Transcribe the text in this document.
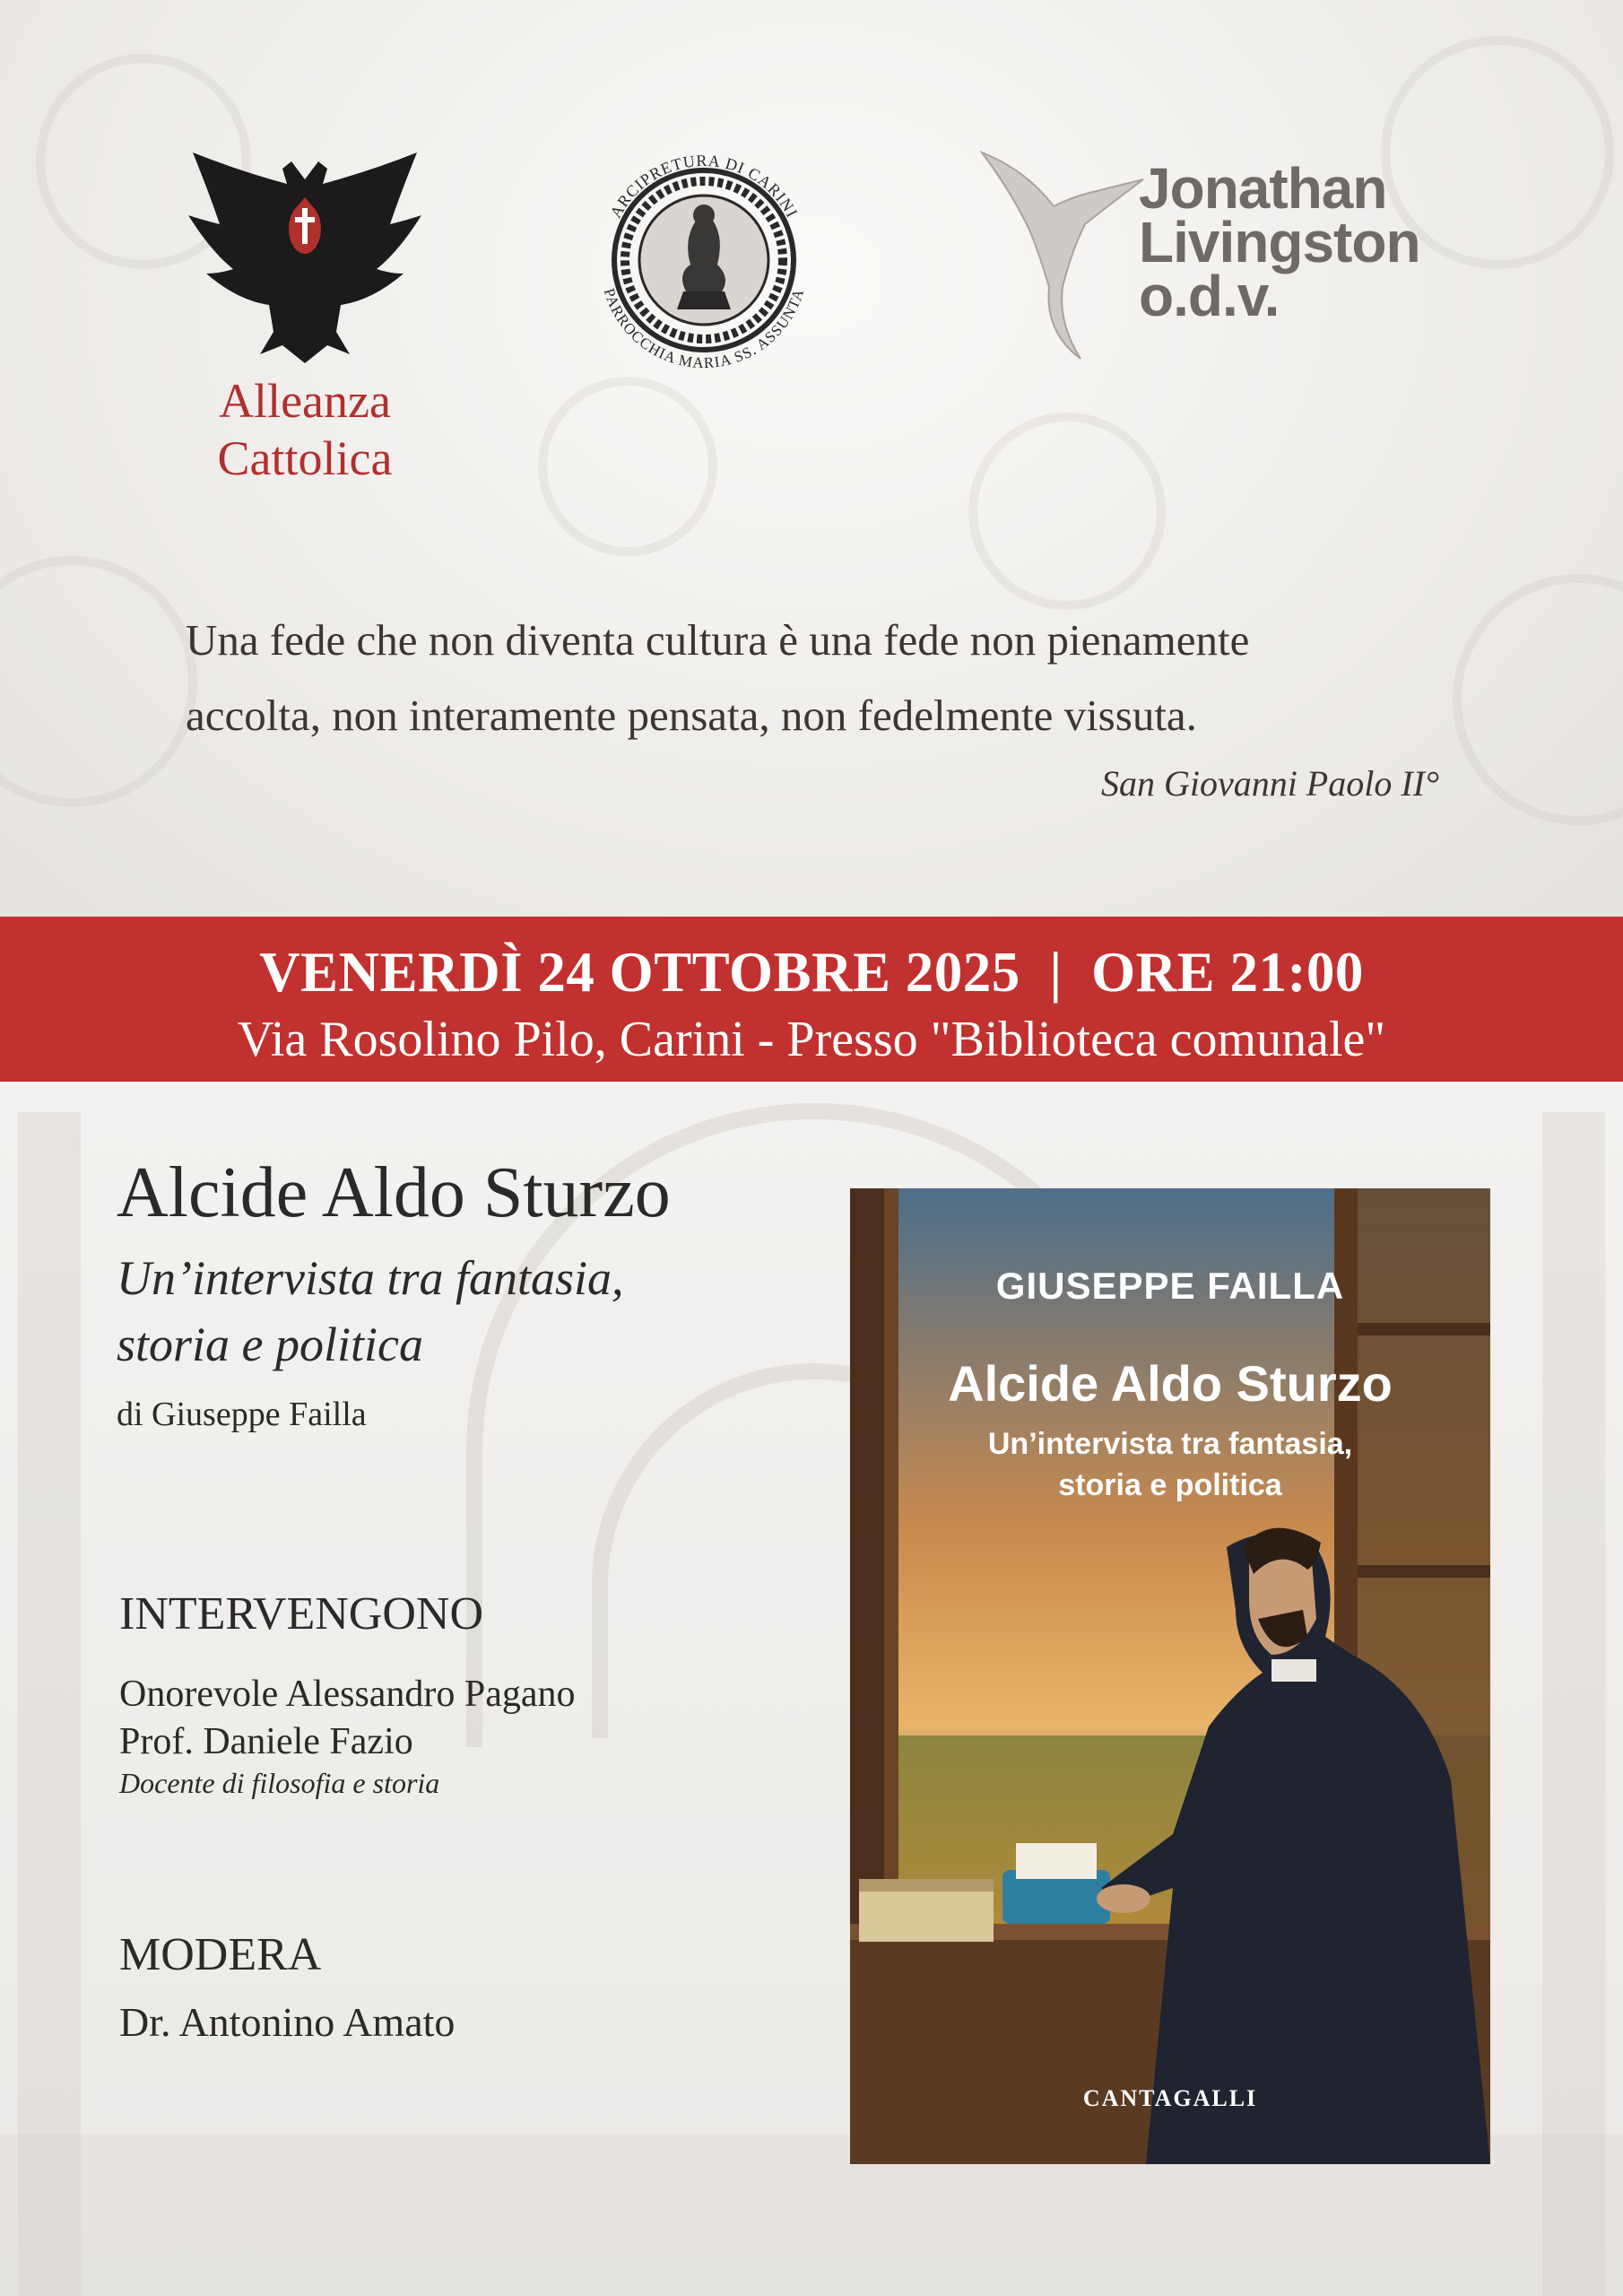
Alleanza
Cattolica
ARCIPRETURA DI CARINI
PARROCCHIA MARIA SS. ASSUNTA
Jonathan
Livingston
o.d.v.
Una fede che non diventa cultura è una fede non pienamente
accolta, non interamente pensata, non fedelmente vissuta.
San Giovanni Paolo II°
VENERDÌ 24 OTTOBRE 2025  |  ORE 21:00
Via Rosolino Pilo, Carini - Presso "Biblioteca comunale"
Alcide Aldo Sturzo
Un’intervista tra fantasia,
storia e politica
di Giuseppe Failla
INTERVENGONO
Onorevole Alessandro Pagano
Prof. Daniele Fazio
Docente di filosofia e storia
MODERA
Dr. Antonino Amato
GIUSEPPE FAILLA
Alcide Aldo Sturzo
Un’intervista tra fantasia,
storia e politica
CANTAGALLI
